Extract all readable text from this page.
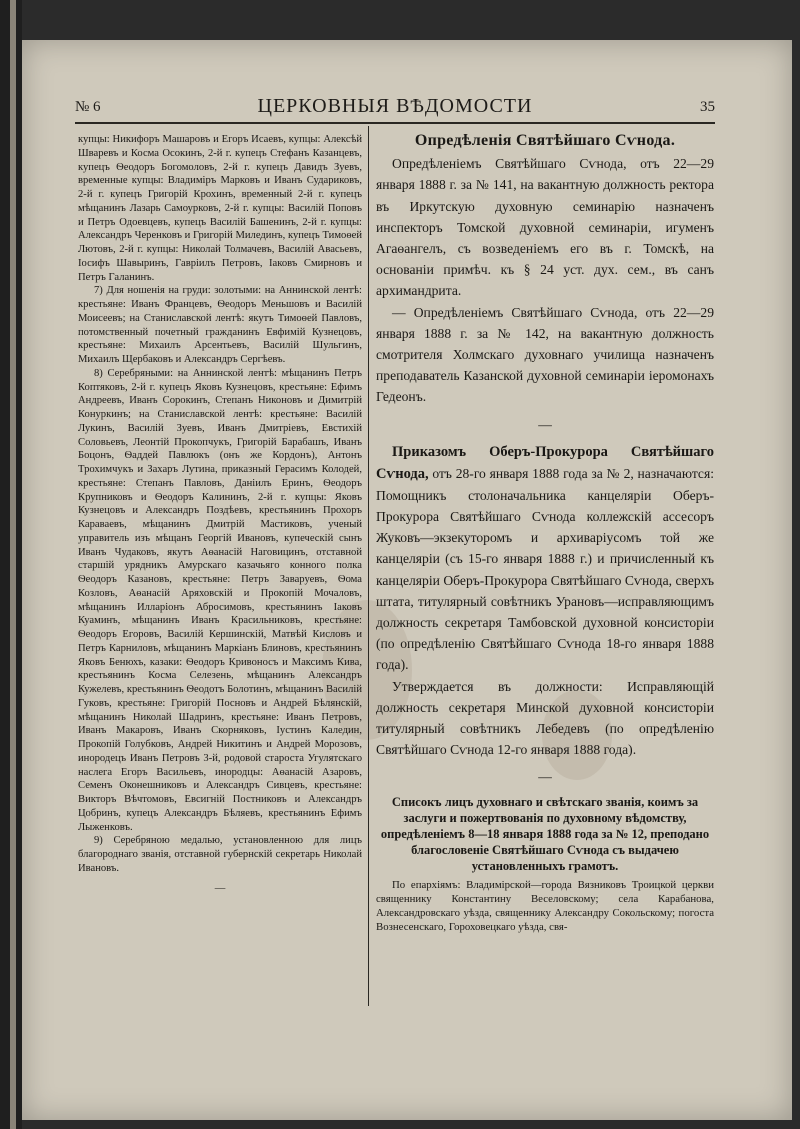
№ 6	ЦЕРКОВНЫЯ ВѢДОМОСТИ	35

купцы: Никифоръ Машаровъ и Егоръ Исаевъ, купцы: Алексѣй Шваревъ и Косма Осокинъ, 2-й г. купецъ Стефанъ Казанцевъ, купецъ Ѳеодоръ Богомоловъ, 2-й г. купецъ Давидъ Зуевъ, временные купцы: Владиміръ Марковъ и Иванъ Судариковъ, 2-й г. купецъ Григорій Крохинъ, временный 2-й г. купецъ мѣщанинъ Лазарь Самоурковъ, 2-й г. купцы: Василій Поповъ и Петръ Одоевцевъ, купецъ Василій Башенинъ, 2-й г. купцы: Александръ Черенковъ и Григорій Милединъ, купецъ Тимоѳей Лютовъ, 2-й г. купцы: Николай Толмачевъ, Василій Авасьевъ, Іосифъ Шавыринъ, Гавріилъ Петровъ, Іаковъ Смирновъ и Петръ Галанинъ.

7) Для ношенія на груди: золотыми: на Аннинской лентѣ: крестьяне: Иванъ Францевъ, Ѳеодоръ Меньшовъ и Василій Моисеевъ; на Станиславской лентѣ: якутъ Тимоѳей Павловъ, потомственный почетный гражданинъ Евфимій Кузнецовъ, крестьяне: Михаилъ Арсентьевъ, Василій Шульгинъ, Михаилъ Щербаковъ и Александръ Сергѣевъ.

8) Серебряными: на Аннинской лентѣ: мѣщанинъ Петръ Коптяковъ, 2-й г. купецъ Яковъ Кузнецовъ, крестьяне: Ефимъ Андреевъ, Иванъ Сорокинъ, Степанъ Никоновъ и Димитрій Конуркинъ; на Станиславской лентѣ: крестьяне: Василій Лукинъ, Василій Зуевъ, Иванъ Дмитріевъ, Евстихій Соловьевъ, Леонтій Прокопчукъ, Григорій Барабашъ, Иванъ Боцонъ, Ѳаддей Павлюкъ (онъ же Кордонъ), Антонъ Трохимчукъ и Захаръ Лутина, приказный Герасимъ Колодей, крестьяне: Степанъ Павловъ, Даніилъ Еринъ, Ѳеодоръ Крупниковъ и Ѳеодоръ Калининъ, 2-й г. купцы: Яковъ Кузнецовъ и Александръ Поздѣевъ, крестьянинъ Прохоръ Караваевъ, мѣщанинъ Дмитрій Мастиковъ, ученый управитель изъ мѣщанъ Георгій Ивановъ, купеческій сынъ Иванъ Чудаковъ, якутъ Аѳанасій Наговицинъ, отставной старшій урядникъ Амурскаго казачьяго конного полка Ѳеодоръ Казановъ, крестьяне: Петръ Заваруевъ, Ѳома Козловъ, Аѳанасій Аряховскій и Прокопій Мочаловъ, мѣщанинъ Илларіонъ Абросимовъ, крестьянинъ Іаковъ Куаминъ, мѣщанинъ Иванъ Красильниковъ, крестьяне: Ѳеодоръ Егоровъ, Василій Кершинскій, Матвѣй Кисловъ и Петръ Карниловъ, мѣщанинъ Маркіанъ Блиновъ, крестьянинъ Яковъ Бенюхъ, казаки: Ѳеодоръ Кривоносъ и Максимъ Кива, крестьянинъ Косма Селезень, мѣщанинъ Александръ Кужелевъ, крестьянинъ Ѳеодотъ Болотинъ, мѣщанинъ Василій Гуковъ, крестьяне: Григорій Посновъ и Андрей Бѣлянскій, мѣщанинъ Николай Шадринъ, крестьяне: Иванъ Петровъ, Иванъ Макаровъ, Иванъ Скорняковъ, Іустинъ Каледин, Прокопій Голубковъ, Андрей Никитинъ и Андрей Морозовъ, инородецъ Иванъ Петровъ 3-й, родовой староста Угулятскаго наслега Егоръ Васильевъ, инородцы: Аѳанасій Азаровъ, Семенъ Оконешниковъ и Александръ Сивцевъ, крестьяне: Викторъ Вѣчтомовъ, Евсигній Постниковъ и Александръ Цобринъ, купецъ Александръ Бѣляевъ, крестьянинъ Ефимъ Лыженковъ.

9) Серебряною медалью, установленною для лицъ благороднаго званія, отставной губернскій секретарь Николай Ивановъ.

—

Опредѣленія Святѣйшаго Сѵнода.

Опредѣленіемъ Святѣйшаго Сѵнода, отъ 22—29 января 1888 г. за № 141, на вакантную должность ректора въ Иркутскую духовную семинарію назначенъ инспекторъ Томской духовной семинаріи, игуменъ Агаѳангелъ, съ возведеніемъ его въ г. Томскѣ, на основаніи примѣч. къ § 24 уст. дух. сем., въ санъ архимандрита.

— Опредѣленіемъ Святѣйшаго Сѵнода, отъ 22—29 января 1888 г. за № 142, на вакантную должность смотрителя Холмскаго духовнаго училища назначенъ преподаватель Казанской духовной семинаріи іеромонахъ Гедеонъ.

—

Приказомъ Оберъ-Прокурора Святѣйшаго Сѵнода, отъ 28-го января 1888 года за № 2, назначаются: Помощникъ столоначальника канцеляріи Оберъ-Прокурора Святѣйшаго Сѵнода коллежскій ассесоръ Жуковъ—экзекуторомъ и архиваріусомъ той же канцеляріи (съ 15-го января 1888 г.) и причисленный къ канцеляріи Оберъ-Прокурора Святѣйшаго Сѵнода, сверхъ штата, титулярный совѣтникъ Урановъ—исправляющимъ должность секретаря Тамбовской духовной консисторіи (по опредѣленію Святѣйшаго Сѵнода 18-го января 1888 года).

Утверждается въ должности: Исправляющій должность секретаря Минской духовной консисторіи титулярный совѣтникъ Лебедевъ (по опредѣленію Святѣйшаго Сѵнода 12-го января 1888 года).

—

Списокъ лицъ духовнаго и свѣтскаго званія, коимъ за заслуги и пожертвованія по духовному вѣдомству, опредѣленіемъ 8—18 января 1888 года за № 12, преподано благословеніе Святѣйшаго Сѵнода съ выдачею установленныхъ грамотъ.

По епархіямъ: Владимірской—города Вязниковъ Троицкой церкви священнику Константину Веселовскому; села Карабанова, Александровскаго уѣзда, священнику Александру Сокольскому; погоста Вознесенскаго, Гороховецкаго уѣзда, свя-
